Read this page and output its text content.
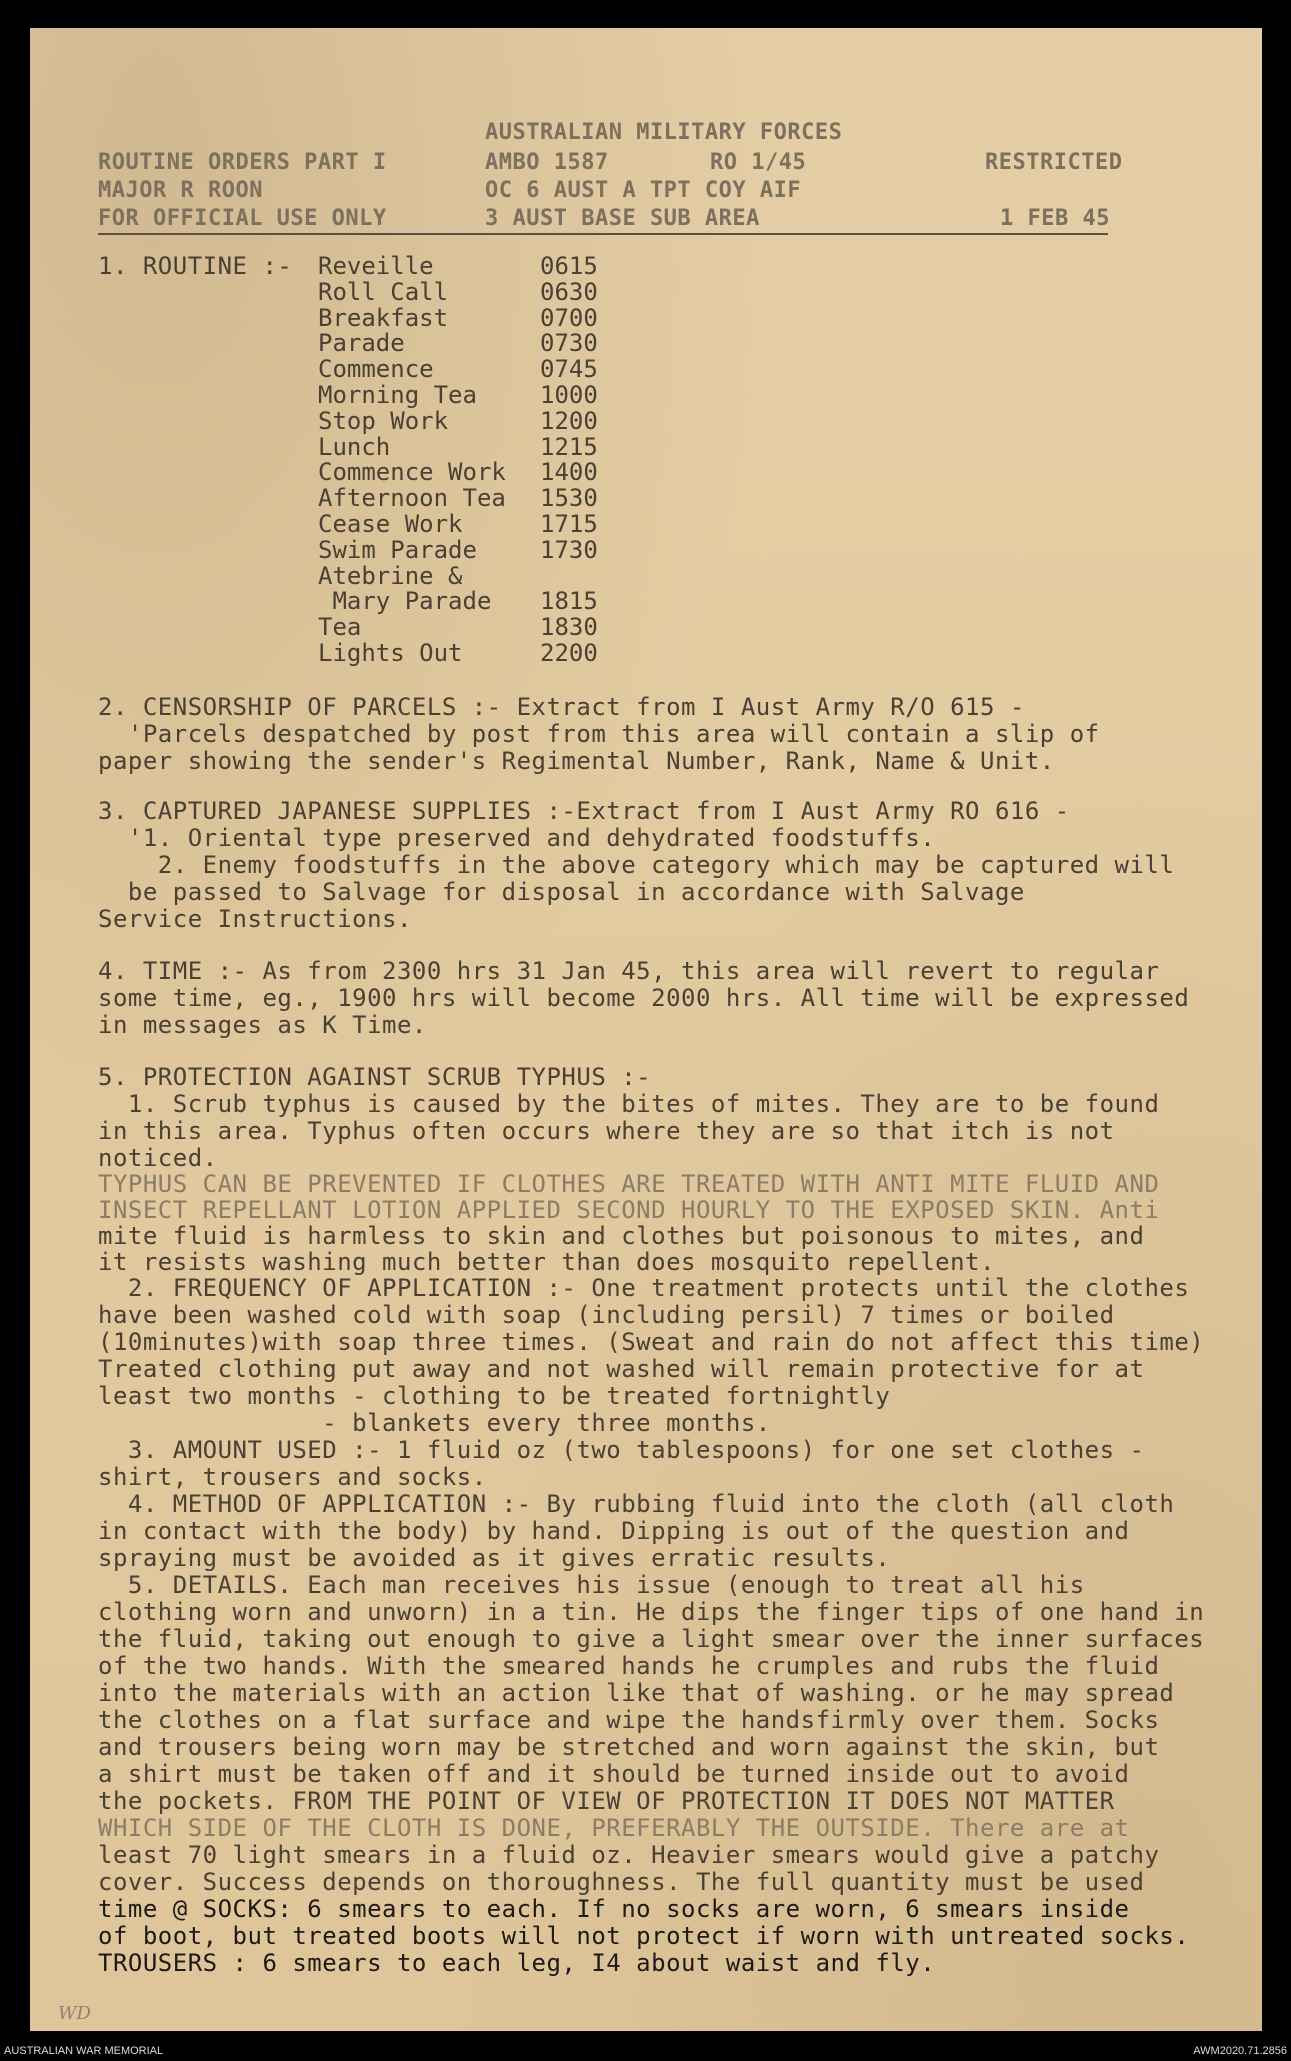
AUSTRALIAN MILITARY FORCES
ROUTINE ORDERS PART I	AMBO 1587	RO 1/45	RESTRICTED
MAJOR R ROON	OC 6 AUST A TPT COY AIF
FOR OFFICIAL USE ONLY	3 AUST BASE SUB AREA	1 FEB 45
1. ROUTINE :- Reveille	0615
Roll Call	0630
Breakfast	0700
Parade	0730
Commence	0745
Morning Tea	1000
Stop Work	1200
Lunch	1215
Commence Work 1400
Afternoon Tea 1530
Cease Work	1715
Swim Parade	1730
Atebrine &
Mary Parade 1815
Tea	1830
Lights Out	2200
2. CENSORSHIP OF PARCELS :- Extract from I Aust Army R/O 615 -
'Parcels despatched by post from this area will contain a slip of
paper showing the sender's Regimental Number, Rank, Name & Unit.
3. CAPTURED JAPANESE SUPPLIES :-Extract from I Aust Army RO 616 -
'1. Oriental type preserved and dehydrated foodstuffs.
2. Enemy foodstuffs in the above category which may be captured will
be passed to Salvage for disposal in accordance with Salvage
Service Instructions.
4. TIME :- As from 2300 hrs 31 Jan 45, this area will revert to regular
some time, eg., 1900 hrs will become 2000 hrs. All time will be expressed
in messages as K Time.
5. PROTECTION AGAINST SCRUB TYPHUS :-
1. Scrub typhus is caused by the bites of mites. They are to be found
in this area. Typhus often occurs where they are so that itch is not
noticed.
TYPHUS CAN BE PREVENTED IF CLOTHES ARE TREATED WITH ANTI MITE FLUID AND
INSECT REPELLANT LOTION APPLIED SECOND HOURLY TO THE EXPOSED SKIN. Anti
mite fluid is harmless to skin and clothes but poisonous to mites, and
it resists washing much better than does mosquito repellent.
2. FREQUENCY OF APPLICATION :- One treatment protects until the clothes
have been washed cold with soap (including persil) 7 times or boiled
(10minutes)with soap three times. (Sweat and rain do not affect this time)
Treated clothing put away and not washed will remain protective for at
least two months - clothing to be treated fortnightly
- blankets every three months.
3. AMOUNT USED :- 1 fluid oz (two tablespoons) for one set clothes -
shirt, trousers and socks.
4. METHOD OF APPLICATION :- By rubbing fluid into the cloth (all cloth
in contact with the body) by hand. Dipping is out of the question and
spraying must be avoided as it gives erratic results.
5. DETAILS. Each man receives his issue (enough to treat all his
clothing worn and unworn) in a tin. He dips the finger tips of one hand in
the fluid, taking out enough to give a light smear over the inner surfaces
of the two hands. With the smeared hands he crumples and rubs the fluid
into the materials with an action like that of washing. or he may spread
the clothes on a flat surface and wipe the handsfirmly over them. Socks
and trousers being worn may be stretched and worn against the skin, but
a shirt must be taken off and it should be turned inside out to avoid
the pockets. FROM THE POINT OF VIEW OF PROTECTION IT DOES NOT MATTER
WHICH SIDE OF THE CLOTH IS DONE, PREFERABLY THE OUTSIDE. There are at
least 70 light smears in a fluid oz. Heavier smears would give a patchy
cover. Success depends on thoroughness. The full quantity must be used
time @ SOCKS: 6 smears to each. If no socks are worn, 6 smears inside
of boot, but treated boots will not protect if worn with untreated socks.
TROUSERS : 6 smears to each leg, I4 about waist and fly.
WD
AUSTRALIAN WAR MEMORIAL	AWM2020.71.2856
